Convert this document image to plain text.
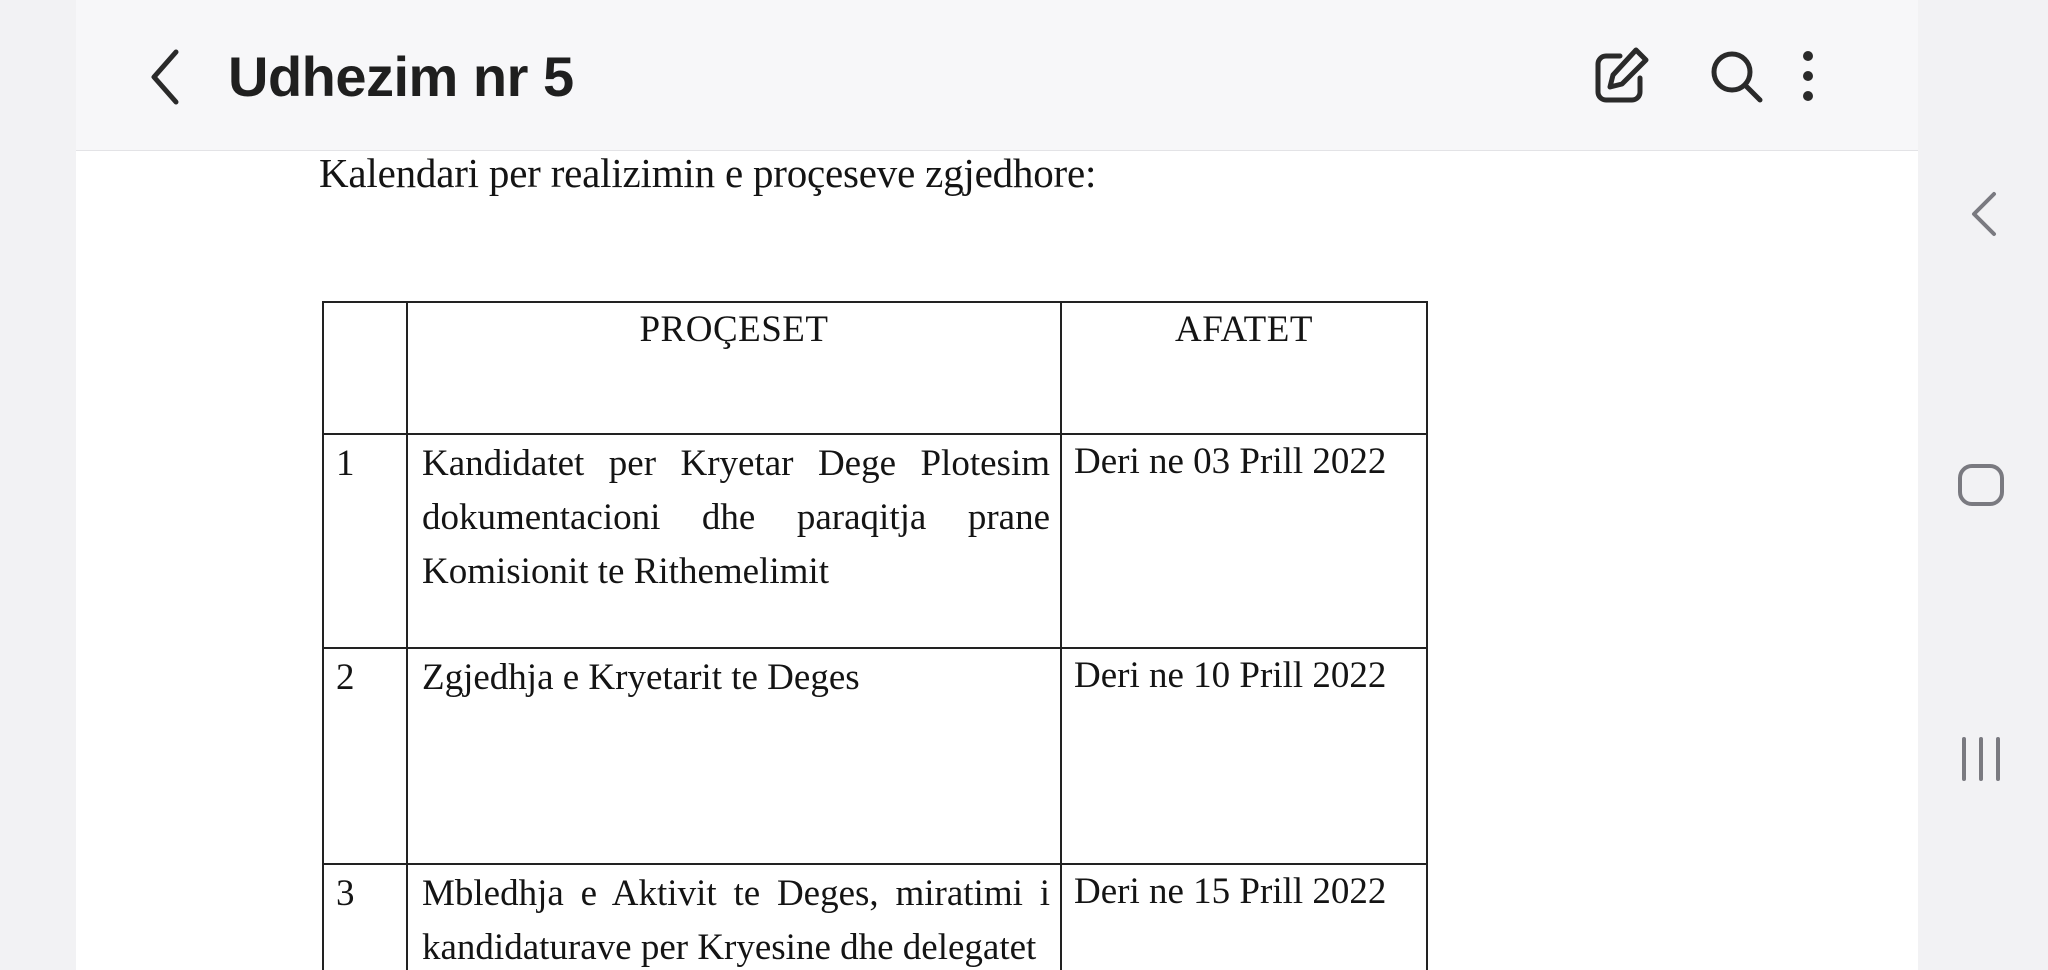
Udhezim nr 5
Kalendari per realizimin e proçeseve zgjedhore:
	PROÇESET	AFATET
1	Kandidatet per Kryetar Dege Plotesim dokumentacioni dhe paraqitja prane Komisionit te Rithemelimit	Deri ne 03 Prill 2022
2	Zgjedhja e Kryetarit te Deges	Deri ne 10 Prill 2022
3	Mbledhja e Aktivit te Deges, miratimi i kandidaturave per Kryesine dhe delegatet	Deri ne 15 Prill 2022
